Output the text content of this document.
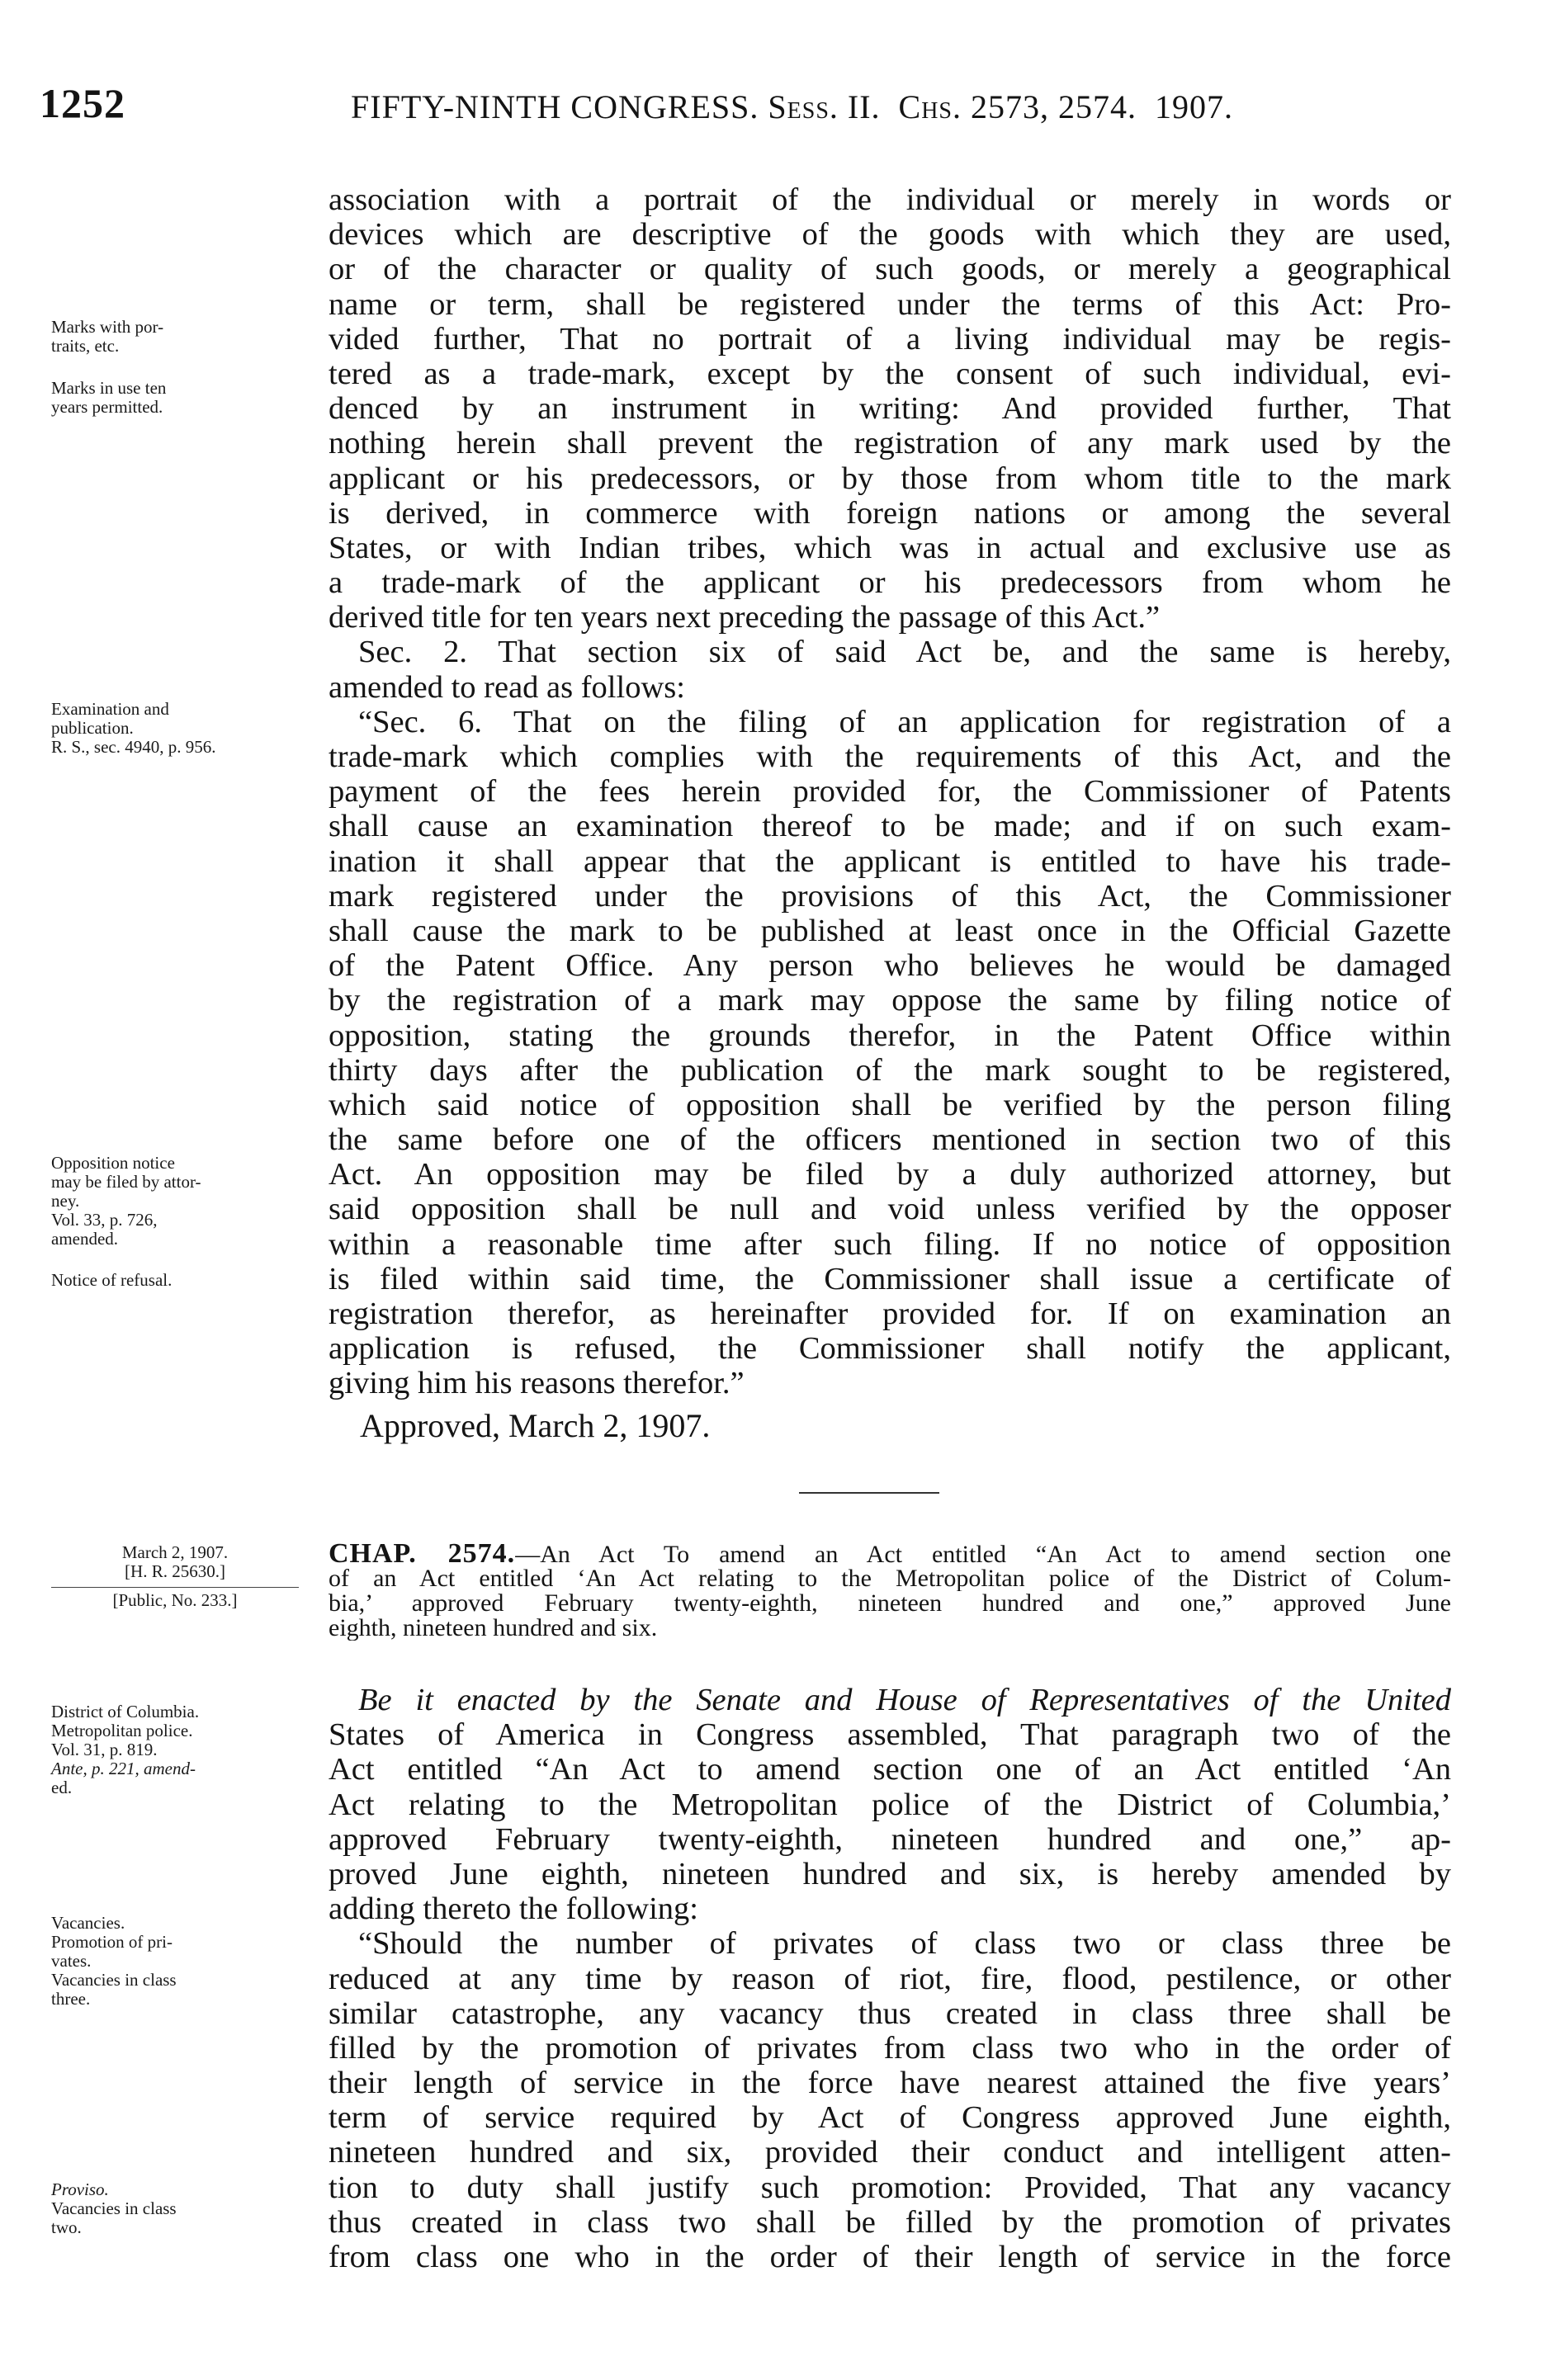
1252	FIFTY-NINTH CONGRESS. Sess. II. Chs. 2573, 2574. 1907.
Marks with por-
traits, etc.
Marks in use ten
years permitted.
Examination and
publication.
R. S., sec. 4940, p. 956.
Opposition notice
may be filed by attor-
ney.
Vol. 33, p. 726,
amended.
Notice of refusal.
association with a portrait of the individual or merely in words or
devices which are descriptive of the goods with which they are used,
or of the character or quality of such goods, or merely a geographical
name or term, shall be registered under the terms of this Act: Pro-
vided further, That no portrait of a living individual may be regis-
tered as a trade-mark, except by the consent of such individual, evi-
denced by an instrument in writing: And provided further, That
nothing herein shall prevent the registration of any mark used by the
applicant or his predecessors, or by those from whom title to the mark
is derived, in commerce with foreign nations or among the several
States, or with Indian tribes, which was in actual and exclusive use as
a trade-mark of the applicant or his predecessors from whom he
derived title for ten years next preceding the passage of this Act.”
Sec. 2. That section six of said Act be, and the same is hereby,
amended to read as follows:
“Sec. 6. That on the filing of an application for registration of a
trade-mark which complies with the requirements of this Act, and the
payment of the fees herein provided for, the Commissioner of Patents
shall cause an examination thereof to be made; and if on such exam-
ination it shall appear that the applicant is entitled to have his trade-
mark registered under the provisions of this Act, the Commissioner
shall cause the mark to be published at least once in the Official Gazette
of the Patent Office. Any person who believes he would be damaged
by the registration of a mark may oppose the same by filing notice of
opposition, stating the grounds therefor, in the Patent Office within
thirty days after the publication of the mark sought to be registered,
which said notice of opposition shall be verified by the person filing
the same before one of the officers mentioned in section two of this
Act. An opposition may be filed by a duly authorized attorney, but
said opposition shall be null and void unless verified by the opposer
within a reasonable time after such filing. If no notice of opposition
is filed within said time, the Commissioner shall issue a certificate of
registration therefor, as hereinafter provided for. If on examination an
application is refused, the Commissioner shall notify the applicant,
giving him his reasons therefor.”
Approved, March 2, 1907.
March 2, 1907.
[H. R. 25630.]
[Public, No. 233.]
District of Columbia.
Metropolitan police.
Vol. 31, p. 819.
Ante, p. 221, amend-
ed.
Vacancies.
Promotion of pri-
vates.
Vacancies in class
three.
Proviso.
Vacancies in class
two.
CHAP. 2574.—An Act To amend an Act entitled “An Act to amend section one
of an Act entitled ‘An Act relating to the Metropolitan police of the District of Colum-
bia,’ approved February twenty-eighth, nineteen hundred and one,” approved June
eighth, nineteen hundred and six.
Be it enacted by the Senate and House of Representatives of the United
States of America in Congress assembled, That paragraph two of the
Act entitled “An Act to amend section one of an Act entitled ‘An
Act relating to the Metropolitan police of the District of Columbia,’
approved February twenty-eighth, nineteen hundred and one,” ap-
proved June eighth, nineteen hundred and six, is hereby amended by
adding thereto the following:
“Should the number of privates of class two or class three be
reduced at any time by reason of riot, fire, flood, pestilence, or other
similar catastrophe, any vacancy thus created in class three shall be
filled by the promotion of privates from class two who in the order of
their length of service in the force have nearest attained the five years’
term of service required by Act of Congress approved June eighth,
nineteen hundred and six, provided their conduct and intelligent atten-
tion to duty shall justify such promotion: Provided, That any vacancy
thus created in class two shall be filled by the promotion of privates
from class one who in the order of their length of service in the force
